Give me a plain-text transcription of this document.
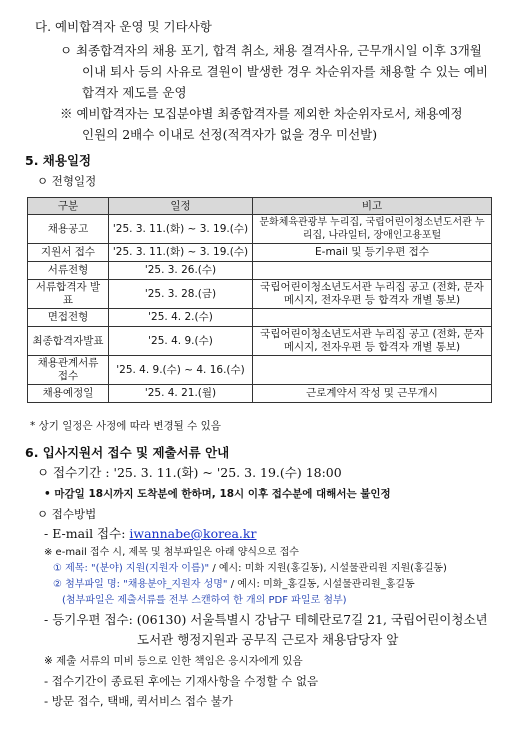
다. 예비합격자 운영 및 기타사항
ㅇ 최종합격자의 채용 포기, 합격 취소, 채용 결격사유, 근무개시일 이후 3개월
이내 퇴사 등의 사유로 결원이 발생한 경우 차순위자를 채용할 수 있는 예비
합격자 제도를 운영
※ 예비합격자는 모집분야별 최종합격자를 제외한 차순위자로서, 채용예정
인원의 2배수 이내로 선정(적격자가 없을 경우 미선발)
5. 채용일정
ㅇ 전형일정
구분	일정	비고
채용공고	'25. 3. 11.(화) ~ 3. 19.(수)	문화체육관광부 누리집, 국립어린이청소년도서관 누리집, 나라일터, 장애인고용포털
지원서 접수	'25. 3. 11.(화) ~ 3. 19.(수)	E-mail 및 등기우편 접수
서류전형	'25. 3. 26.(수)	
서류합격자 발표	'25. 3. 28.(금)	국립어린이청소년도서관 누리집 공고 (전화, 문자 메시지, 전자우편 등 합격자 개별 통보)
면접전형	'25. 4. 2.(수)	
최종합격자발표	'25. 4. 9.(수)	국립어린이청소년도서관 누리집 공고 (전화, 문자 메시지, 전자우편 등 합격자 개별 통보)
채용관계서류 접수	'25. 4. 9.(수) ~ 4. 16.(수)	
채용예정일	'25. 4. 21.(월)	근로계약서 작성 및 근무개시
* 상기 일정은 사정에 따라 변경될 수 있음
6. 입사지원서 접수 및 제출서류 안내
ㅇ 접수기간 : '25. 3. 11.(화) ~ '25. 3. 19.(수) 18:00
• 마감일 18시까지 도착분에 한하며, 18시 이후 접수분에 대해서는 불인정
ㅇ 접수방법
- E-mail 접수: iwannabe@korea.kr
※ e-mail 접수 시, 제목 및 첨부파일은 아래 양식으로 접수
① 제목: "(분야) 지원(지원자 이름)" / 예시: 미화 지원(홍길동), 시설물관리원 지원(홍길동)
② 첨부파일 명: "채용분야_지원자 성명" / 예시: 미화_홍길동, 시설물관리원_홍길동
(첨부파일은 제출서류를 전부 스캔하여 한 개의 PDF 파일로 첨부)
- 등기우편 접수: (06130) 서울특별시 강남구 테헤란로7길 21, 국립어린이청소년
도서관 행정지원과 공무직 근로자 채용담당자 앞
※ 제출 서류의 미비 등으로 인한 책임은 응시자에게 있음
- 접수기간이 종료된 후에는 기재사항을 수정할 수 없음
- 방문 접수, 택배, 퀵서비스 접수 불가
